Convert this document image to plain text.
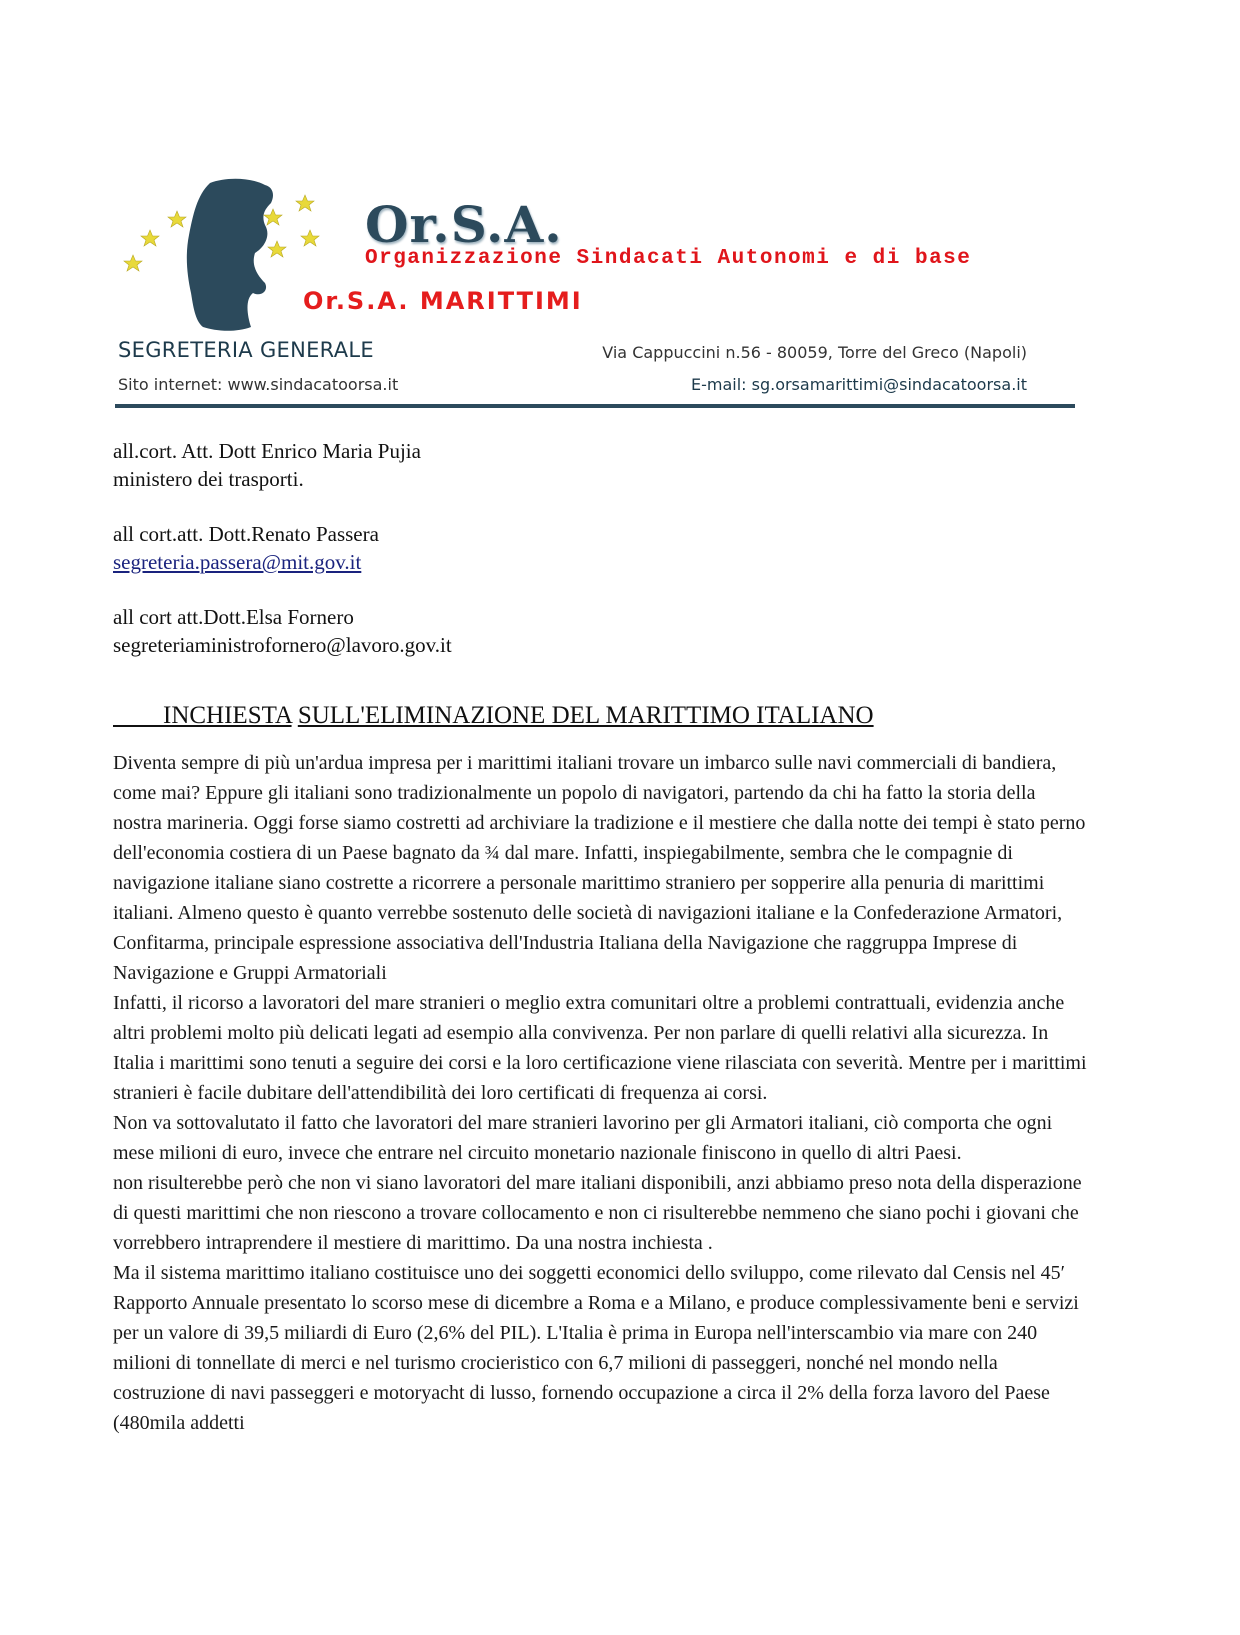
Or.S.A.
Organizzazione Sindacati Autonomi e di base
Or.S.A. MARITTIMI
SEGRETERIA GENERALE
Sito internet: www.sindacatoorsa.it
Via Cappuccini n.56 - 80059, Torre del Greco (Napoli)
E-mail: sg.orsamarittimi@sindacatoorsa.it
all.cort. Att. Dott Enrico Maria Pujia
ministero dei trasporti.
all cort.att. Dott.Renato Passera
segreteria.passera@mit.gov.it
all cort att.Dott.Elsa Fornero
segreteriaministrofornero@lavoro.gov.it
INCHIESTA SULL'ELIMINAZIONE DEL MARITTIMO ITALIANO

Diventa sempre di più un'ardua impresa per i marittimi italiani trovare un imbarco sulle navi commerciali di bandiera, come mai? Eppure gli italiani sono tradizionalmente un popolo di navigatori, partendo da chi ha fatto la storia della nostra marineria. Oggi forse siamo costretti ad archiviare la tradizione e il mestiere che dalla notte dei tempi è stato perno dell'economia costiera di un Paese bagnato da ¾ dal mare. Infatti, inspiegabilmente, sembra che le compagnie di navigazione italiane siano costrette a ricorrere a personale marittimo straniero per sopperire alla penuria di marittimi italiani. Almeno questo è quanto verrebbe sostenuto delle società di navigazioni italiane e la Confederazione Armatori, Confitarma, principale espressione associativa dell'Industria Italiana della Navigazione che raggruppa Imprese di Navigazione e Gruppi Armatoriali

Infatti, il ricorso a lavoratori del mare stranieri o meglio extra comunitari oltre a problemi contrattuali, evidenzia anche altri problemi molto più delicati legati ad esempio alla convivenza. Per non parlare di quelli relativi alla sicurezza. In Italia i marittimi sono tenuti a seguire dei corsi e la loro certificazione viene rilasciata con severità. Mentre per i marittimi stranieri è facile dubitare dell'attendibilità dei loro certificati di frequenza ai corsi.

Non va sottovalutato il fatto che lavoratori del mare stranieri lavorino per gli Armatori italiani, ciò comporta che ogni mese milioni di euro, invece che entrare nel circuito monetario nazionale finiscono in quello di altri Paesi.

non risulterebbe però che non vi siano lavoratori del mare italiani disponibili, anzi abbiamo preso nota della disperazione di questi marittimi che non riescono a trovare collocamento e non ci risulterebbe nemmeno che siano pochi i giovani che vorrebbero intraprendere il mestiere di marittimo. Da una nostra inchiesta .

Ma il sistema marittimo italiano costituisce uno dei soggetti economici dello sviluppo, come rilevato dal Censis nel 45′ Rapporto Annuale presentato lo scorso mese di dicembre a Roma e a Milano, e produce complessivamente beni e servizi per un valore di 39,5 miliardi di Euro (2,6% del PIL). L'Italia è prima in Europa nell'interscambio via mare con 240 milioni di tonnellate di merci e nel turismo crocieristico con 6,7 milioni di passeggeri, nonché nel mondo nella costruzione di navi passeggeri e motoryacht di lusso, fornendo occupazione a circa il 2% della forza lavoro del Paese (480mila addetti
